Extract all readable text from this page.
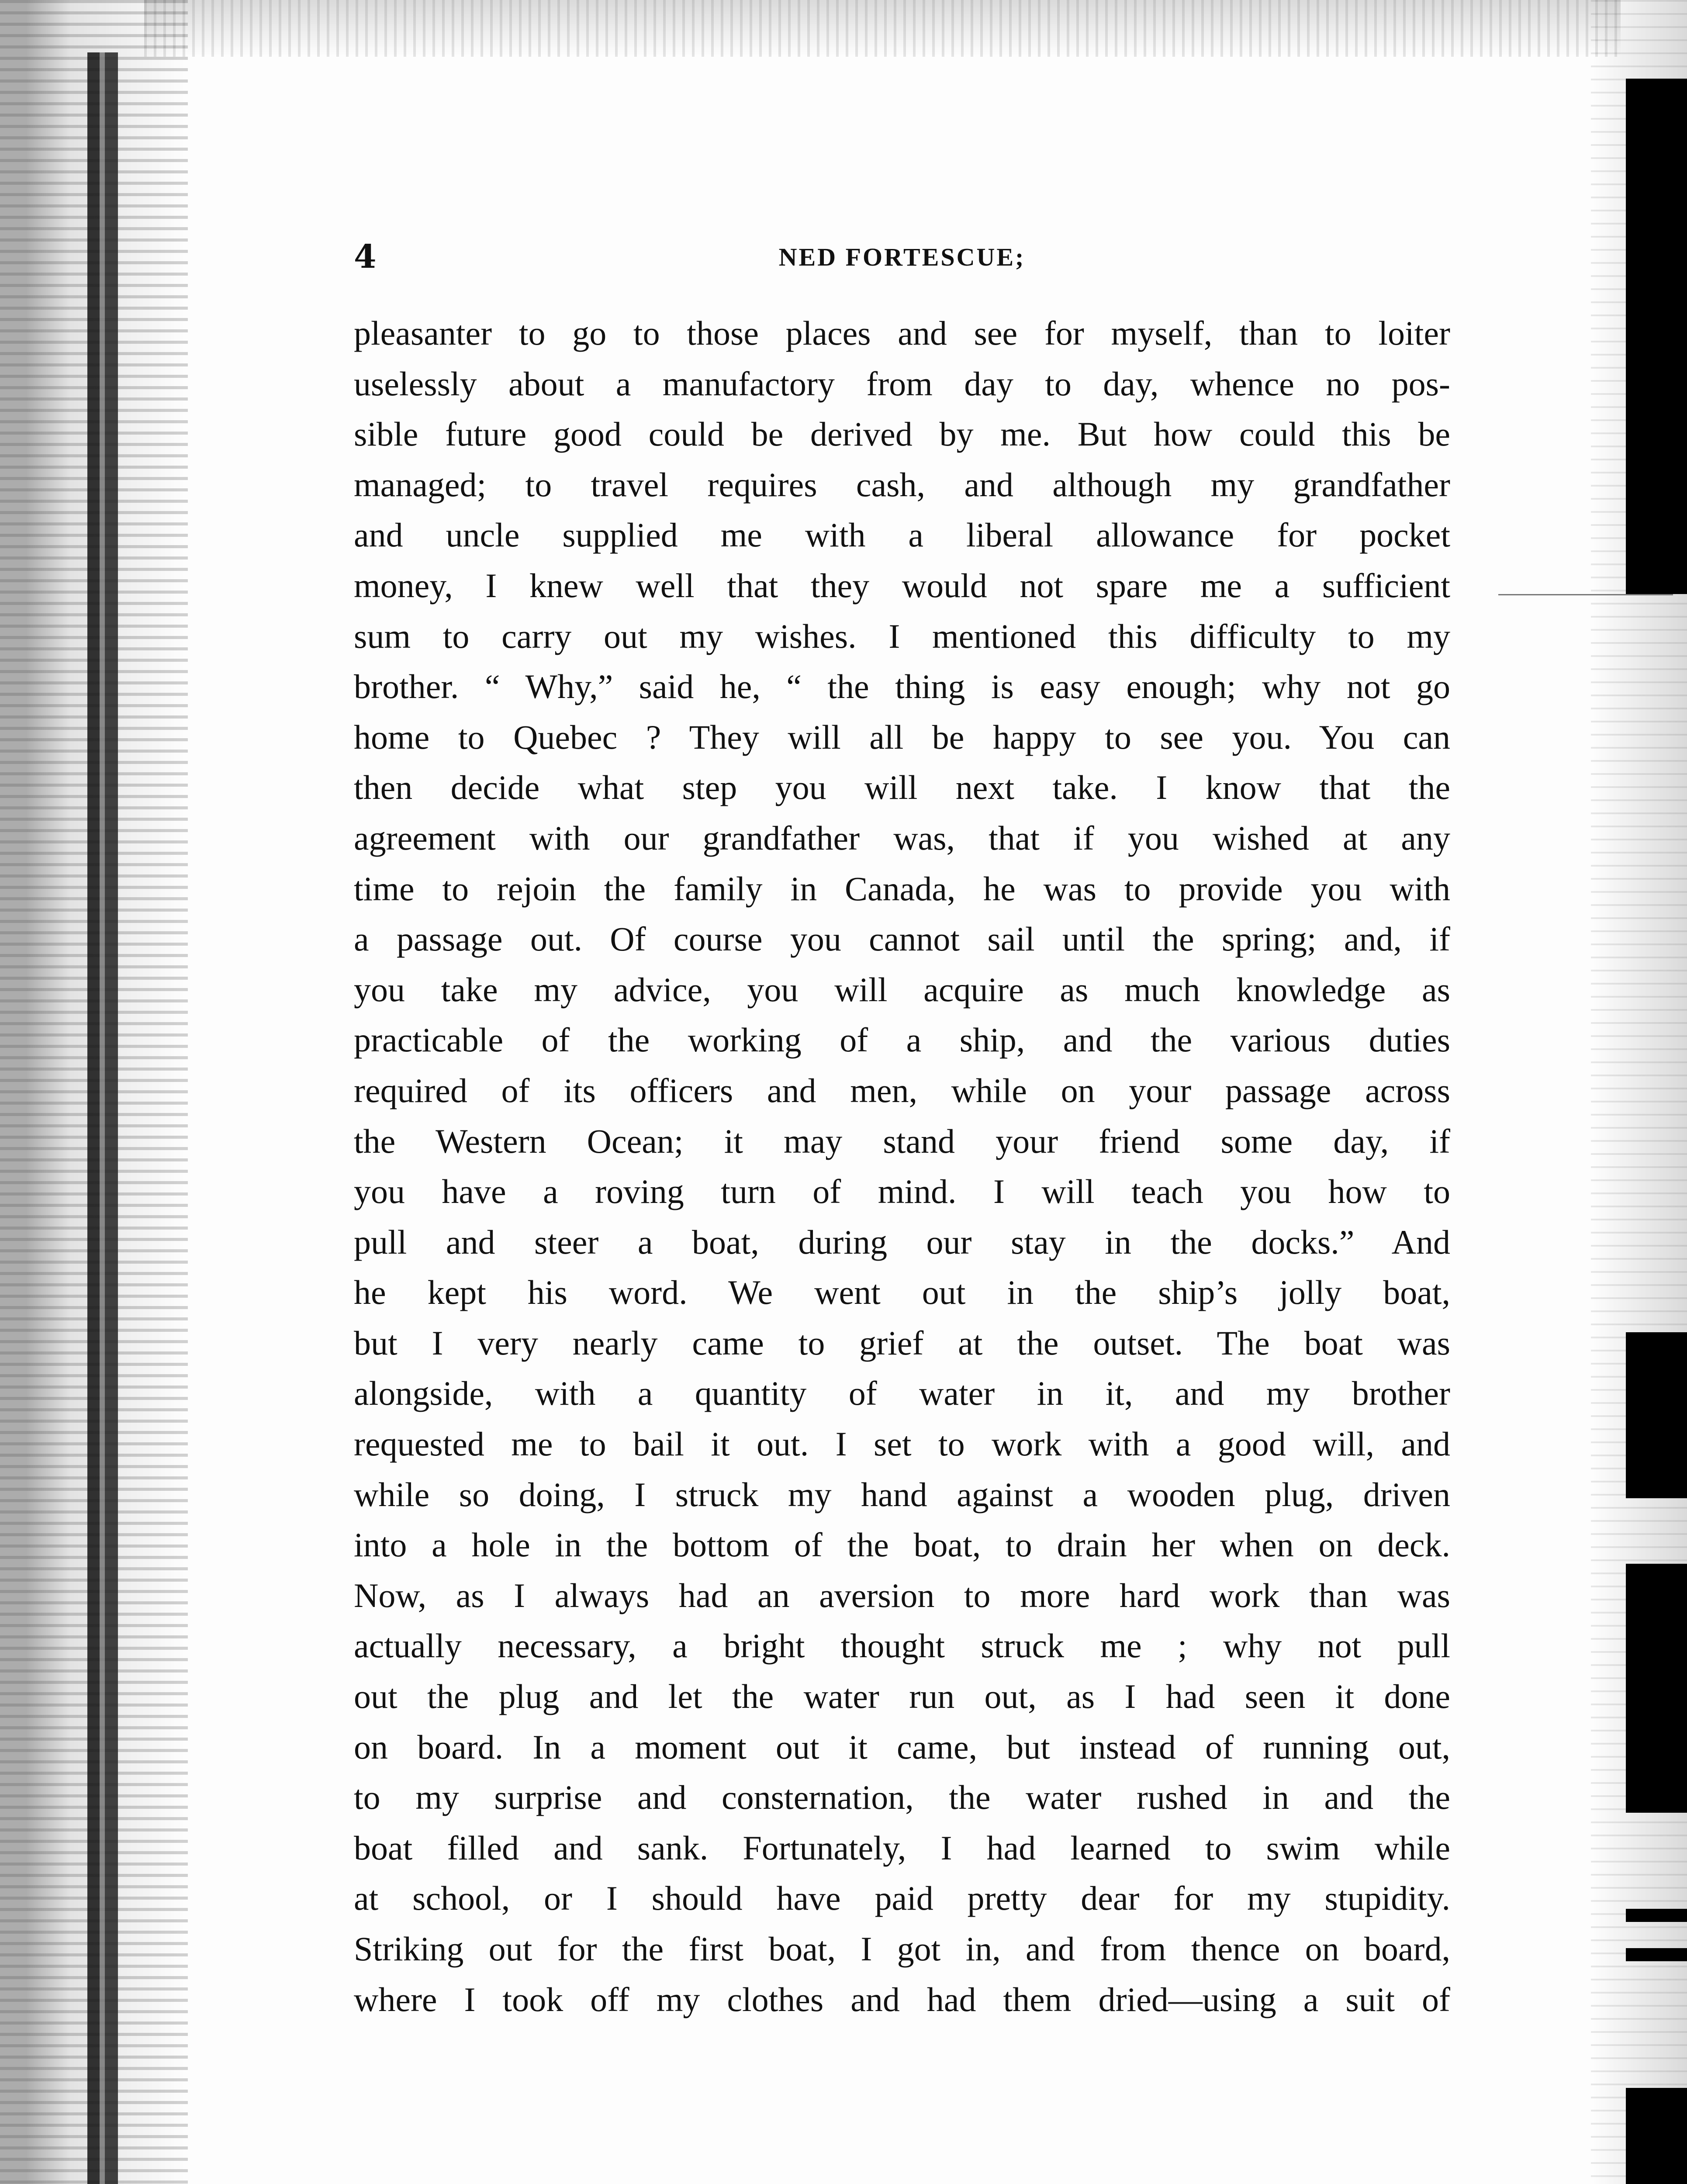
4	NED FORTESCUE;
pleasanter to go to those places and see for myself, than to loiter
uselessly about a manufactory from day to day, whence no pos-
sible future good could be derived by me. But how could this be
managed; to travel requires cash, and although my grandfather
and uncle supplied me with a liberal allowance for pocket
money, I knew well that they would not spare me a sufficient
sum to carry out my wishes. I mentioned this difficulty to my
brother. “ Why,” said he, “ the thing is easy enough; why not go
home to Quebec ? They will all be happy to see you. You can
then decide what step you will next take. I know that the
agreement with our grandfather was, that if you wished at any
time to rejoin the family in Canada, he was to provide you with
a passage out. Of course you cannot sail until the spring; and, if
you take my advice, you will acquire as much knowledge as
practicable of the working of a ship, and the various duties
required of its officers and men, while on your passage across
the Western Ocean; it may stand your friend some day, if
you have a roving turn of mind. I will teach you how to
pull and steer a boat, during our stay in the docks.” And
he kept his word. We went out in the ship’s jolly boat,
but I very nearly came to grief at the outset. The boat was
alongside, with a quantity of water in it, and my brother
requested me to bail it out. I set to work with a good will, and
while so doing, I struck my hand against a wooden plug, driven
into a hole in the bottom of the boat, to drain her when on deck.
Now, as I always had an aversion to more hard work than was
actually necessary, a bright thought struck me ; why not pull
out the plug and let the water run out, as I had seen it done
on board. In a moment out it came, but instead of running out,
to my surprise and consternation, the water rushed in and the
boat filled and sank. Fortunately, I had learned to swim while
at school, or I should have paid pretty dear for my stupidity.
Striking out for the first boat, I got in, and from thence on board,
where I took off my clothes and had them dried—using a suit of
